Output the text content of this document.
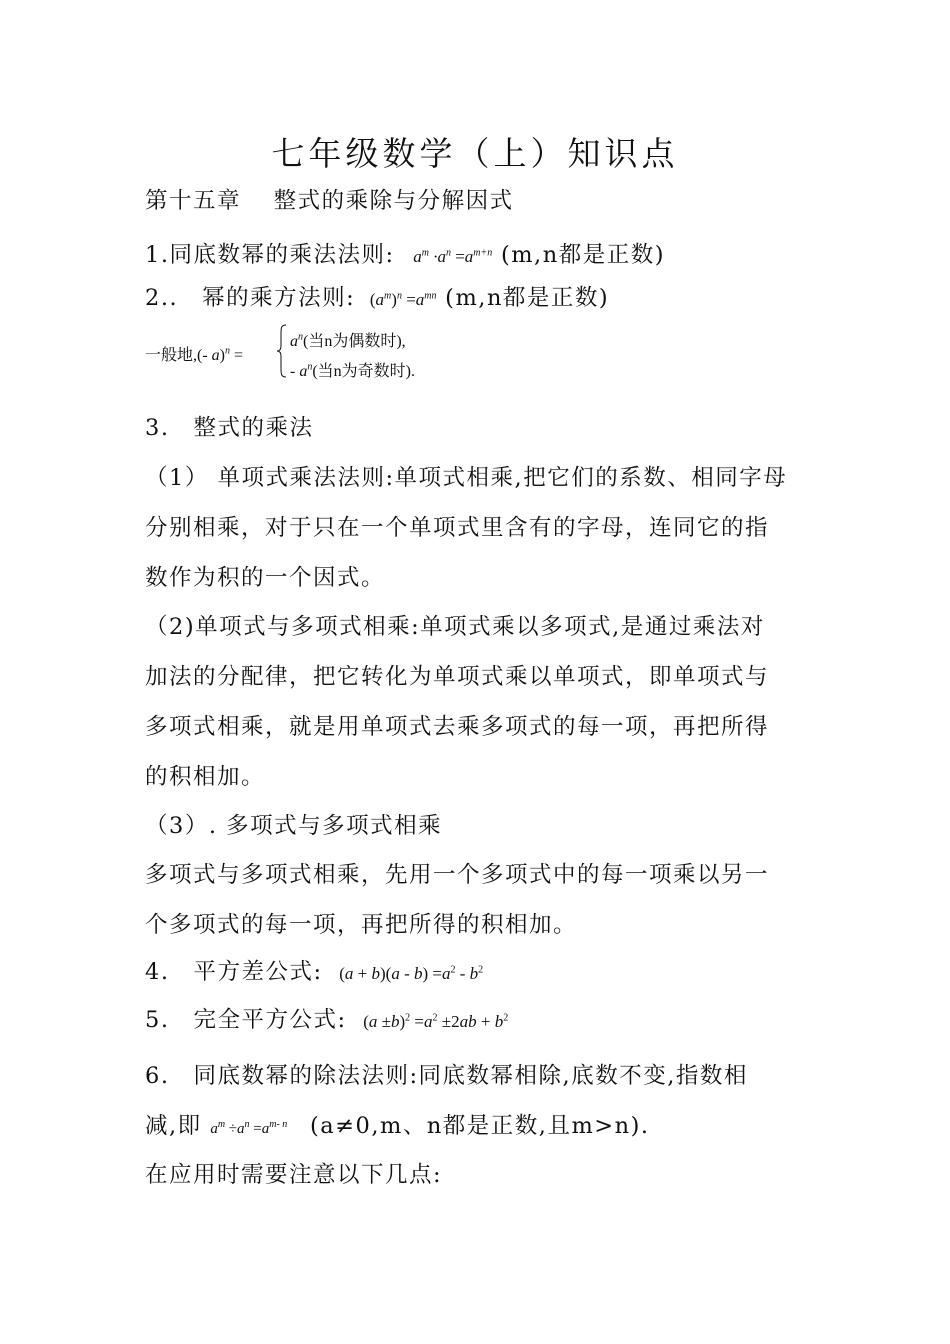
七年级数学（上）知识点
第十五章　 整式的乘除与分解因式
1.同底数幂的乘法法则: $a^m \cdot a^n =a^{m+n}$ (m,n都是正数)
2..　幂的乘方法则: $(a^m)^n =a^{mn}$ (m,n都是正数)
一般地,(- a)$^n$ =
$a^n$(当n为偶数时),
- $a^n$(当n为奇数时).
3.　整式的乘法
（1） 单项式乘法法则:单项式相乘,把它们的系数、相同字母
分别相乘，对于只在一个单项式里含有的字母，连同它的指
数作为积的一个因式。
（2)单项式与多项式相乘:单项式乘以多项式,是通过乘法对
加法的分配律，把它转化为单项式乘以单项式，即单项式与
多项式相乘，就是用单项式去乘多项式的每一项，再把所得
的积相加。
（3）. 多项式与多项式相乘
多项式与多项式相乘，先用一个多项式中的每一项乘以另一
个多项式的每一项，再把所得的积相加。
4.　平方差公式: $(a + b)(a - b) =a^2 - b^2$
5.　完全平方公式: $(a \pm b)^2 =a^2 \pm 2ab + b^2$
6.　同底数幂的除法法则:同底数幂相除,底数不变,指数相
减,即 $a^m \div a^n =a^{m- n}$ (a≠0,m、n都是正数,且m>n).
在应用时需要注意以下几点:
